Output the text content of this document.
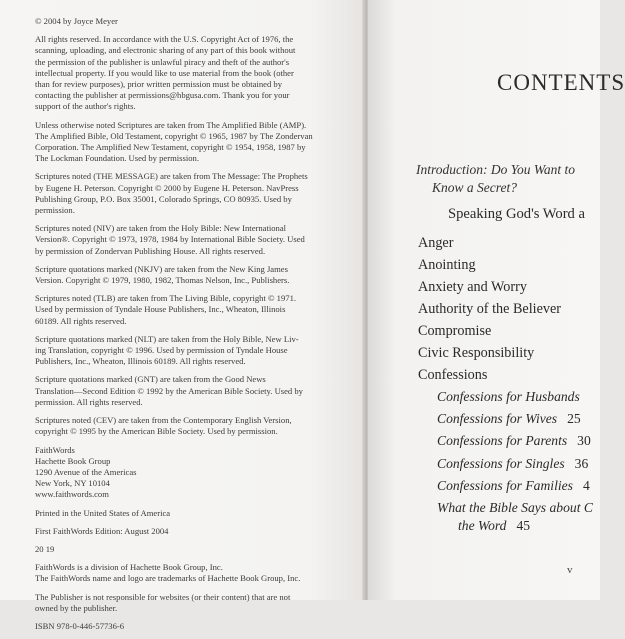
© 2004 by Joyce Meyer

All rights reserved. In accordance with the U.S. Copyright Act of 1976, the
scanning, uploading, and electronic sharing of any part of this book without
the permission of the publisher is unlawful piracy and theft of the author's
intellectual property. If you would like to use material from the book (other
than for review purposes), prior written permission must be obtained by
contacting the publisher at permissions@hbgusa.com. Thank you for your
support of the author's rights.

Unless otherwise noted Scriptures are taken from The Amplified Bible (AMP).
The Amplified Bible, Old Testament, copyright © 1965, 1987 by The Zondervan
Corporation. The Amplified New Testament, copyright © 1954, 1958, 1987 by
The Lockman Foundation. Used by permission.

Scriptures noted (THE MESSAGE) are taken from The Message: The Prophets
by Eugene H. Peterson. Copyright © 2000 by Eugene H. Peterson. NavPress
Publishing Group, P.O. Box 35001, Colorado Springs, CO 80935. Used by
permission.

Scriptures noted (NIV) are taken from the Holy Bible: New International
Version®. Copyright © 1973, 1978, 1984 by International Bible Society. Used
by permission of Zondervan Publishing House. All rights reserved.

Scripture quotations marked (NKJV) are taken from the New King James
Version. Copyright © 1979, 1980, 1982, Thomas Nelson, Inc., Publishers.

Scriptures noted (TLB) are taken from The Living Bible, copyright © 1971.
Used by permission of Tyndale House Publishers, Inc., Wheaton, Illinois
60189. All rights reserved.

Scripture quotations marked (NLT) are taken from the Holy Bible, New Liv-
ing Translation, copyright © 1996. Used by permission of Tyndale House
Publishers, Inc., Wheaton, Illinois 60189. All rights reserved.

Scripture quotations marked (GNT) are taken from the Good News
Translation—Second Edition © 1992 by the American Bible Society. Used by
permission. All rights reserved.

Scriptures noted (CEV) are taken from the Contemporary English Version,
copyright © 1995 by the American Bible Society. Used by permission.

FaithWords
Hachette Book Group
1290 Avenue of the Americas
New York, NY 10104
www.faithwords.com

Printed in the United States of America

First FaithWords Edition: August 2004

20 19

FaithWords is a division of Hachette Book Group, Inc.
The FaithWords name and logo are trademarks of Hachette Book Group, Inc.

The Publisher is not responsible for websites (or their content) that are not
owned by the publisher.

ISBN 978-0-446-57736-6

CONTENTS
Introduction: Do You Want to
Know a Secret?
Speaking God's Word a
Anger
Anointing
Anxiety and Worry
Authority of the Believer
Compromise
Civic Responsibility
Confessions
Confessions for Husbands
Confessions for Wives 25
Confessions for Parents 30
Confessions for Singles 36
Confessions for Families 4
What the Bible Says about C
the Word 45
v
